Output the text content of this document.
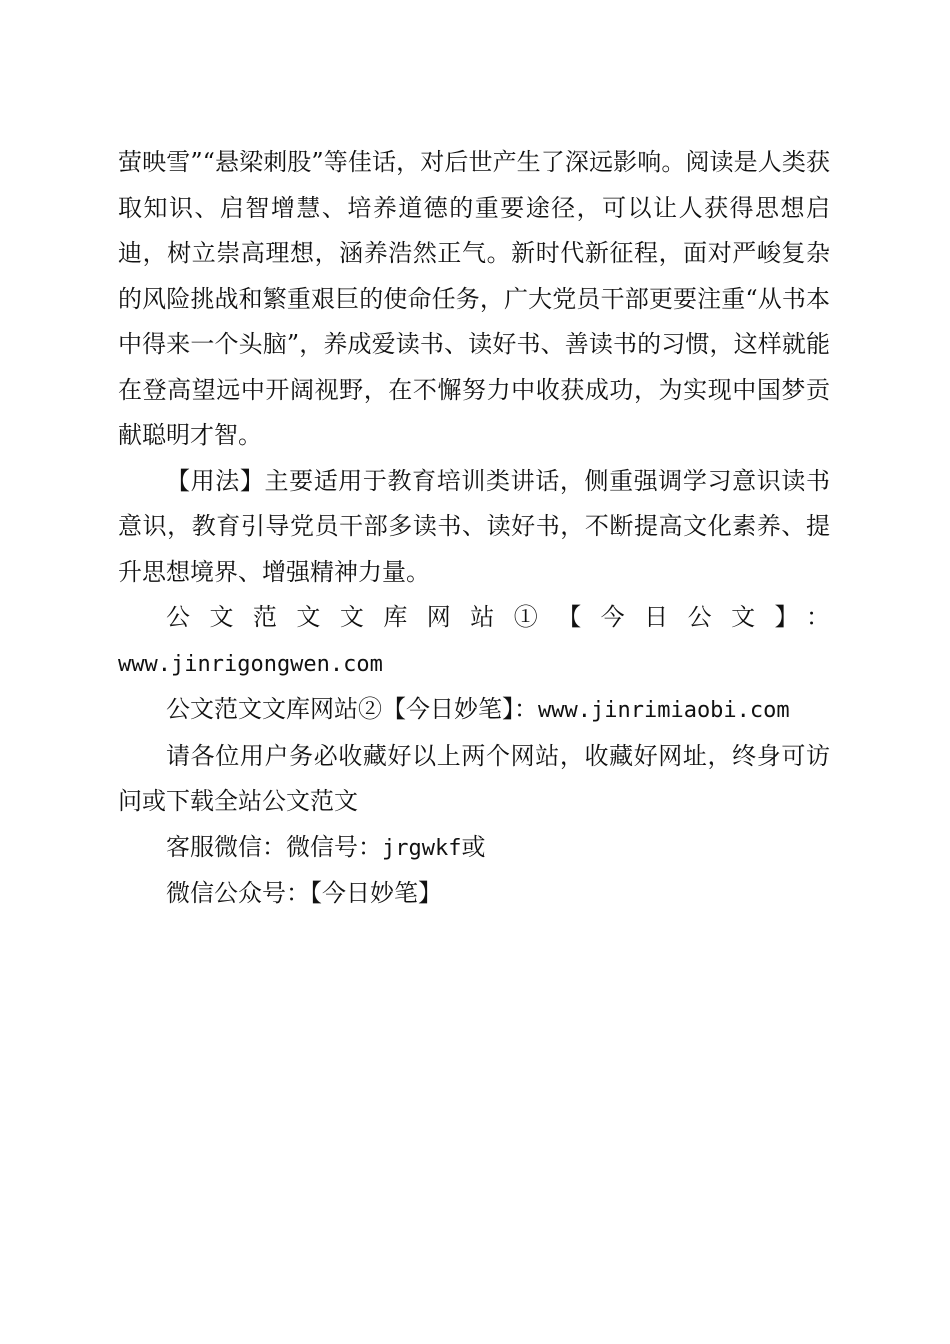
萤映雪”“悬梁刺股”等佳话，对后世产生了深远影响。阅读是人类获取知识、启智增慧、培养道德的重要途径，可以让人获得思想启迪，树立崇高理想，涵养浩然正气。新时代新征程，面对严峻复杂的风险挑战和繁重艰巨的使命任务，广大党员干部更要注重“从书本中得来一个头脑”，养成爱读书、读好书、善读书的习惯，这样就能在登高望远中开阔视野，在不懈努力中收获成功，为实现中国梦贡献聪明才智。

【用法】主要适用于教育培训类讲话，侧重强调学习意识读书意识，教育引导党员干部多读书、读好书，不断提高文化素养、提升思想境界、增强精神力量。

公文范文文库网站①【今日公文】：

www.jinrigongwen.com

公文范文文库网站②【今日妙笔】：www.jinrimiaobi.com

请各位用户务必收藏好以上两个网站，收藏好网址，终身可访问或下载全站公文范文

客服微信：微信号：jrgwkf或

微信公众号：【今日妙笔】
